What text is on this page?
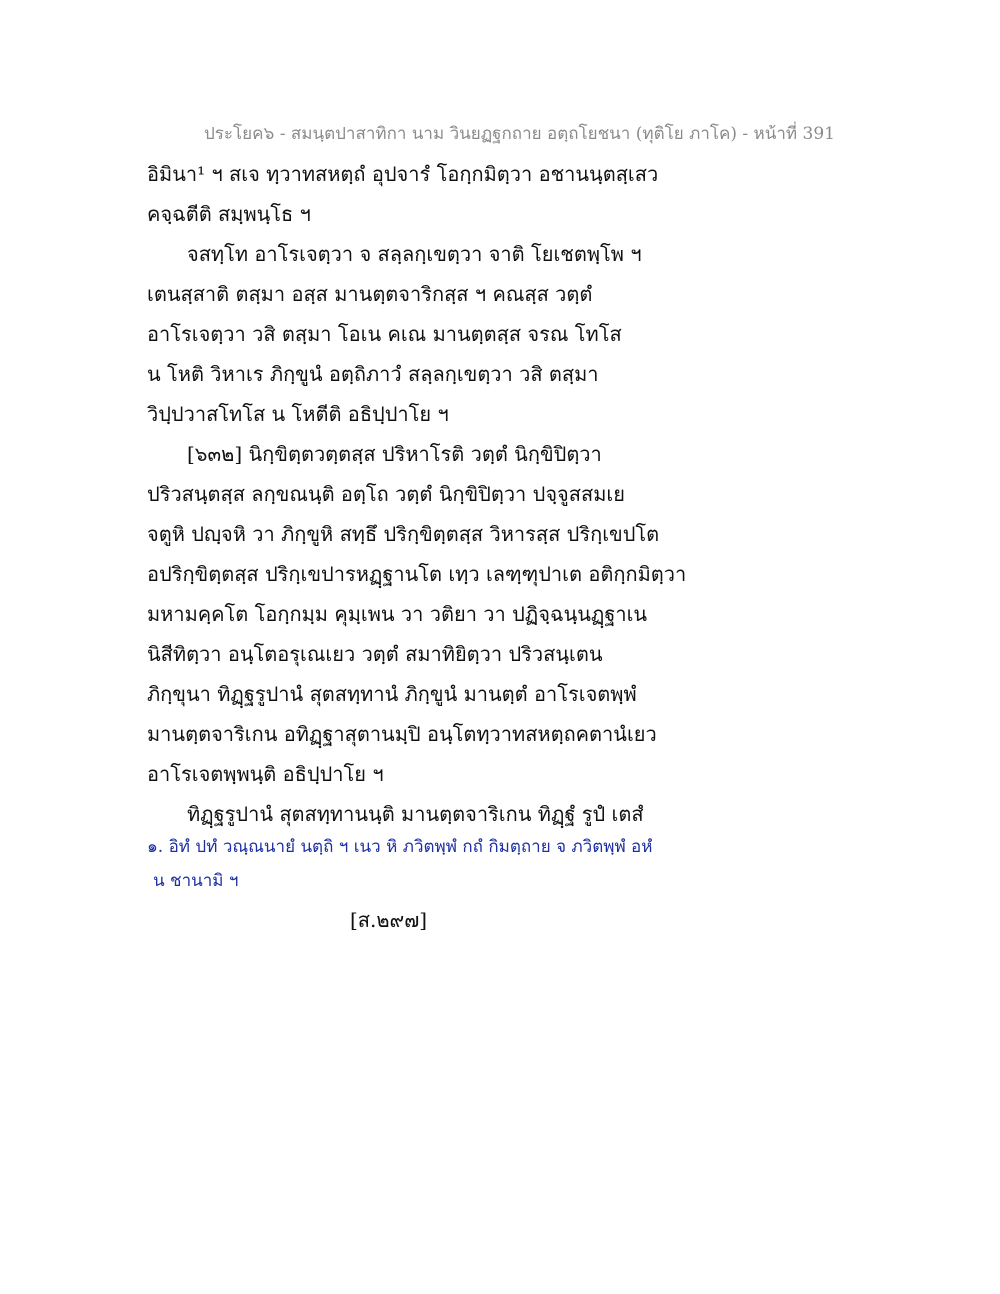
ประโยค๖ - สมนฺตปาสาทิกา นาม วินยฏฐกถาย อตฺถโยชนา (ทุติโย ภาโค) - หน้าที่ 391
อิมินา¹ ฯ สเจ ทฺวาทสหตฺถํ อุปจารํ โอกฺกมิตฺวา อชานนฺตสฺเสว
คจฺฉตีติ สมฺพนฺโธ ฯ
จสทฺโท อาโรเจตฺวา จ สลฺลกฺเขตฺวา จาติ โยเชตพฺโพ ฯ
เตนสฺสาติ ตสฺมา อสฺส มานตฺตจาริกสฺส ฯ คณสฺส วตฺตํ
อาโรเจตฺวา วสิ ตสฺมา โอเน คเณ มานตฺตสฺส จรณ โทโส
น โหติ วิหาเร ภิกฺขูนํ อตฺถิภาวํ สลฺลกฺเขตฺวา วสิ ตสฺมา
วิปฺปวาสโทโส น โหตีติ อธิปฺปาโย ฯ
[๖๓๒] นิกฺขิตฺตวตฺตสฺส ปริหาโรติ วตฺตํ นิกฺขิปิตฺวา
ปริวสนฺตสฺส ลกฺขณนฺติ อตฺโถ วตฺตํ นิกฺขิปิตฺวา ปจฺจูสสมเย
จตูหิ ปญฺจหิ วา ภิกฺขูหิ สทฺธึ ปริกฺขิตฺตสฺส วิหารสฺส ปริกฺเขปโต
อปริกฺขิตฺตสฺส ปริกฺเขปารหฏฺฐานโต เทฺว เลฑฺฑุปาเต อติกฺกมิตฺวา
มหามคฺคโต โอกฺกมฺม คุมฺเพน วา วติยา วา ปฏิจฺฉนฺนฏฺฐาเน
นิสีทิตฺวา อนฺโตอรุเณเยว วตฺตํ สมาทิยิตฺวา ปริวสนฺเตน
ภิกฺขุนา ทิฏฺฐรูปานํ สุตสทฺทานํ ภิกฺขูนํ มานตฺตํ อาโรเจตพฺพํ
มานตฺตจาริเกน อทิฏฺฐาสุตานมฺปิ อนฺโตทฺวาทสหตฺถคตานํเยว
อาโรเจตพฺพนฺติ อธิปฺปาโย ฯ
ทิฏฺฐรูปานํ สุตสทฺทานนฺติ มานตฺตจาริเกน ทิฏฺฐํ รูปํ เตสํ
๑. อิทํ ปทํ วณฺณนายํ นตฺถิ ฯ เนว หิ ภวิตพฺพํ กถํ กิมตฺถาย จ ภวิตพฺพํ อหํ
น ชานามิ ฯ
[ส.๒๙๗]
